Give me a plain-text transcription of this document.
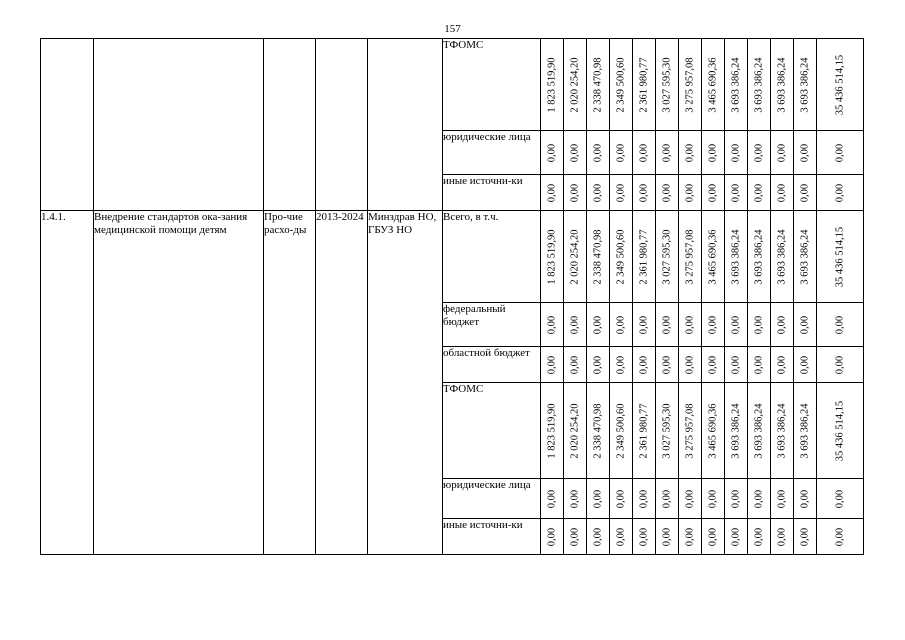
157
					ТФОМС	1 823 519,90	2 020 254,20	2 338 470,98	2 349 500,60	2 361 980,77	3 027 595,30	3 275 957,08	3 465 690,36	3 693 386,24	3 693 386,24	3 693 386,24	3 693 386,24	35 436 514,15

					юридические лица	0,00	0,00	0,00	0,00	0,00	0,00	0,00	0,00	0,00	0,00	0,00	0,00	0,00

					иные источни-ки	0,00	0,00	0,00	0,00	0,00	0,00	0,00	0,00	0,00	0,00	0,00	0,00	0,00

1.4.1.	Внедрение стандартов ока-зания медицинской помощи детям	Про-чие расхо-ды	2013-2024	Минздрав НО, ГБУЗ НО	Всего, в т.ч.	1 823 519,90	2 020 254,20	2 338 470,98	2 349 500,60	2 361 980,77	3 027 595,30	3 275 957,08	3 465 690,36	3 693 386,24	3 693 386,24	3 693 386,24	3 693 386,24	35 436 514,15

					федеральный бюджет	0,00	0,00	0,00	0,00	0,00	0,00	0,00	0,00	0,00	0,00	0,00	0,00	0,00

					областной бюджет	0,00	0,00	0,00	0,00	0,00	0,00	0,00	0,00	0,00	0,00	0,00	0,00	0,00

					ТФОМС	1 823 519,90	2 020 254,20	2 338 470,98	2 349 500,60	2 361 980,77	3 027 595,30	3 275 957,08	3 465 690,36	3 693 386,24	3 693 386,24	3 693 386,24	3 693 386,24	35 436 514,15

					юридические лица	0,00	0,00	0,00	0,00	0,00	0,00	0,00	0,00	0,00	0,00	0,00	0,00	0,00

					иные источни-ки	0,00	0,00	0,00	0,00	0,00	0,00	0,00	0,00	0,00	0,00	0,00	0,00	0,00
